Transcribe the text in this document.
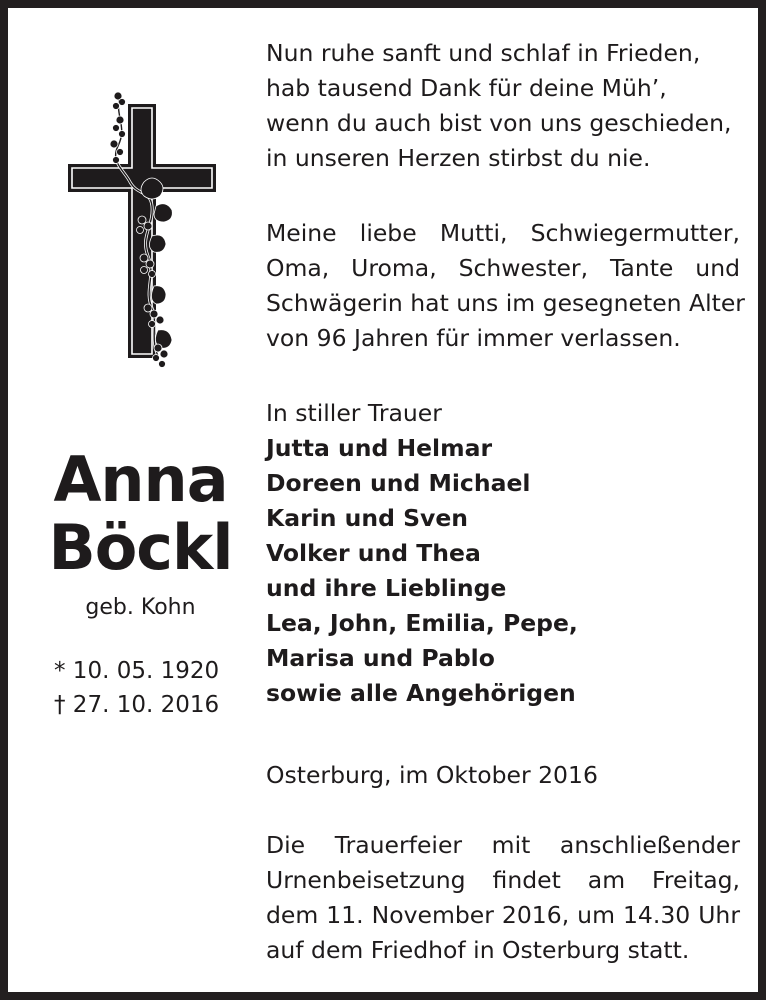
Anna
Böckl
geb. Kohn
* 10. 05. 1920
† 27. 10. 2016
Nun ruhe sanft und schlaf in Frieden,
hab tausend Dank für deine Müh’,
wenn du auch bist von uns geschieden,
in unseren Herzen stirbst du nie.
Meine liebe Mutti, Schwiegermutter,
Oma, Uroma, Schwester, Tante und
Schwägerin hat uns im gesegneten Alter
von 96 Jahren für immer verlassen.
In stiller Trauer
Jutta und Helmar
Doreen und Michael
Karin und Sven
Volker und Thea
und ihre Lieblinge
Lea, John, Emilia, Pepe,
Marisa und Pablo
sowie alle Angehörigen
Osterburg, im Oktober 2016
Die Trauerfeier mit anschließender
Urnenbeisetzung findet am Freitag,
dem 11. November 2016, um 14.30 Uhr
auf dem Friedhof in Osterburg statt.
